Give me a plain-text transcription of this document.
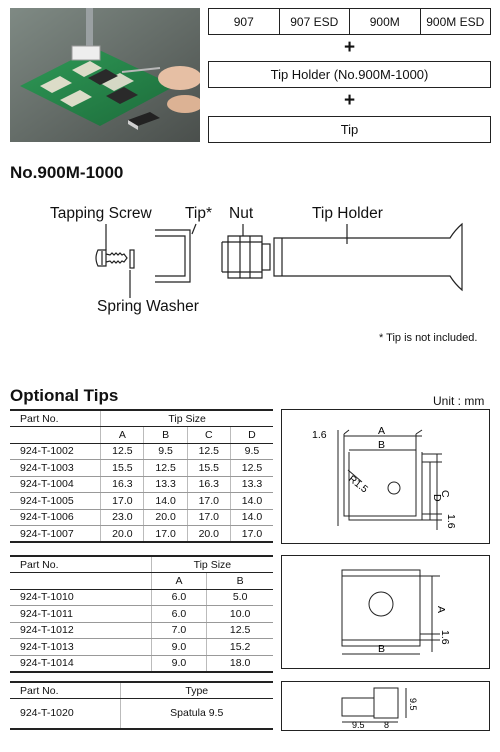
907	907 ESD	900M	900M ESD
+
Tip Holder (No.900M-1000)
+
Tip
No.900M-1000
Tapping Screw Tip* Nut	Tip Holder
Spring Washer
* Tip is not included.
Optional Tips	Unit : mm
Part No.	Tip Size			
	A	B	C	D
924-T-1002	12.5	9.5	12.5	9.5
924-T-1003	15.5	12.5	15.5	12.5
924-T-1004	16.3	13.3	16.3	13.3
924-T-1005	17.0	14.0	17.0	14.0
924-T-1006	23.0	20.0	17.0	14.0
924-T-1007	20.0	17.0	20.0	17.0
1.6	A
B
R1.5
D
C
1.6
Part No.	Tip Size	
	A	B
924-T-1010	6.0	5.0
924-T-1011	6.0	10.0
924-T-1012	7.0	12.5
924-T-1013	9.0	15.2
924-T-1014	9.0	18.0
A
1.6
B
Part No.	Type
924-T-1020	Spatula 9.5
9.5
9.5 8
